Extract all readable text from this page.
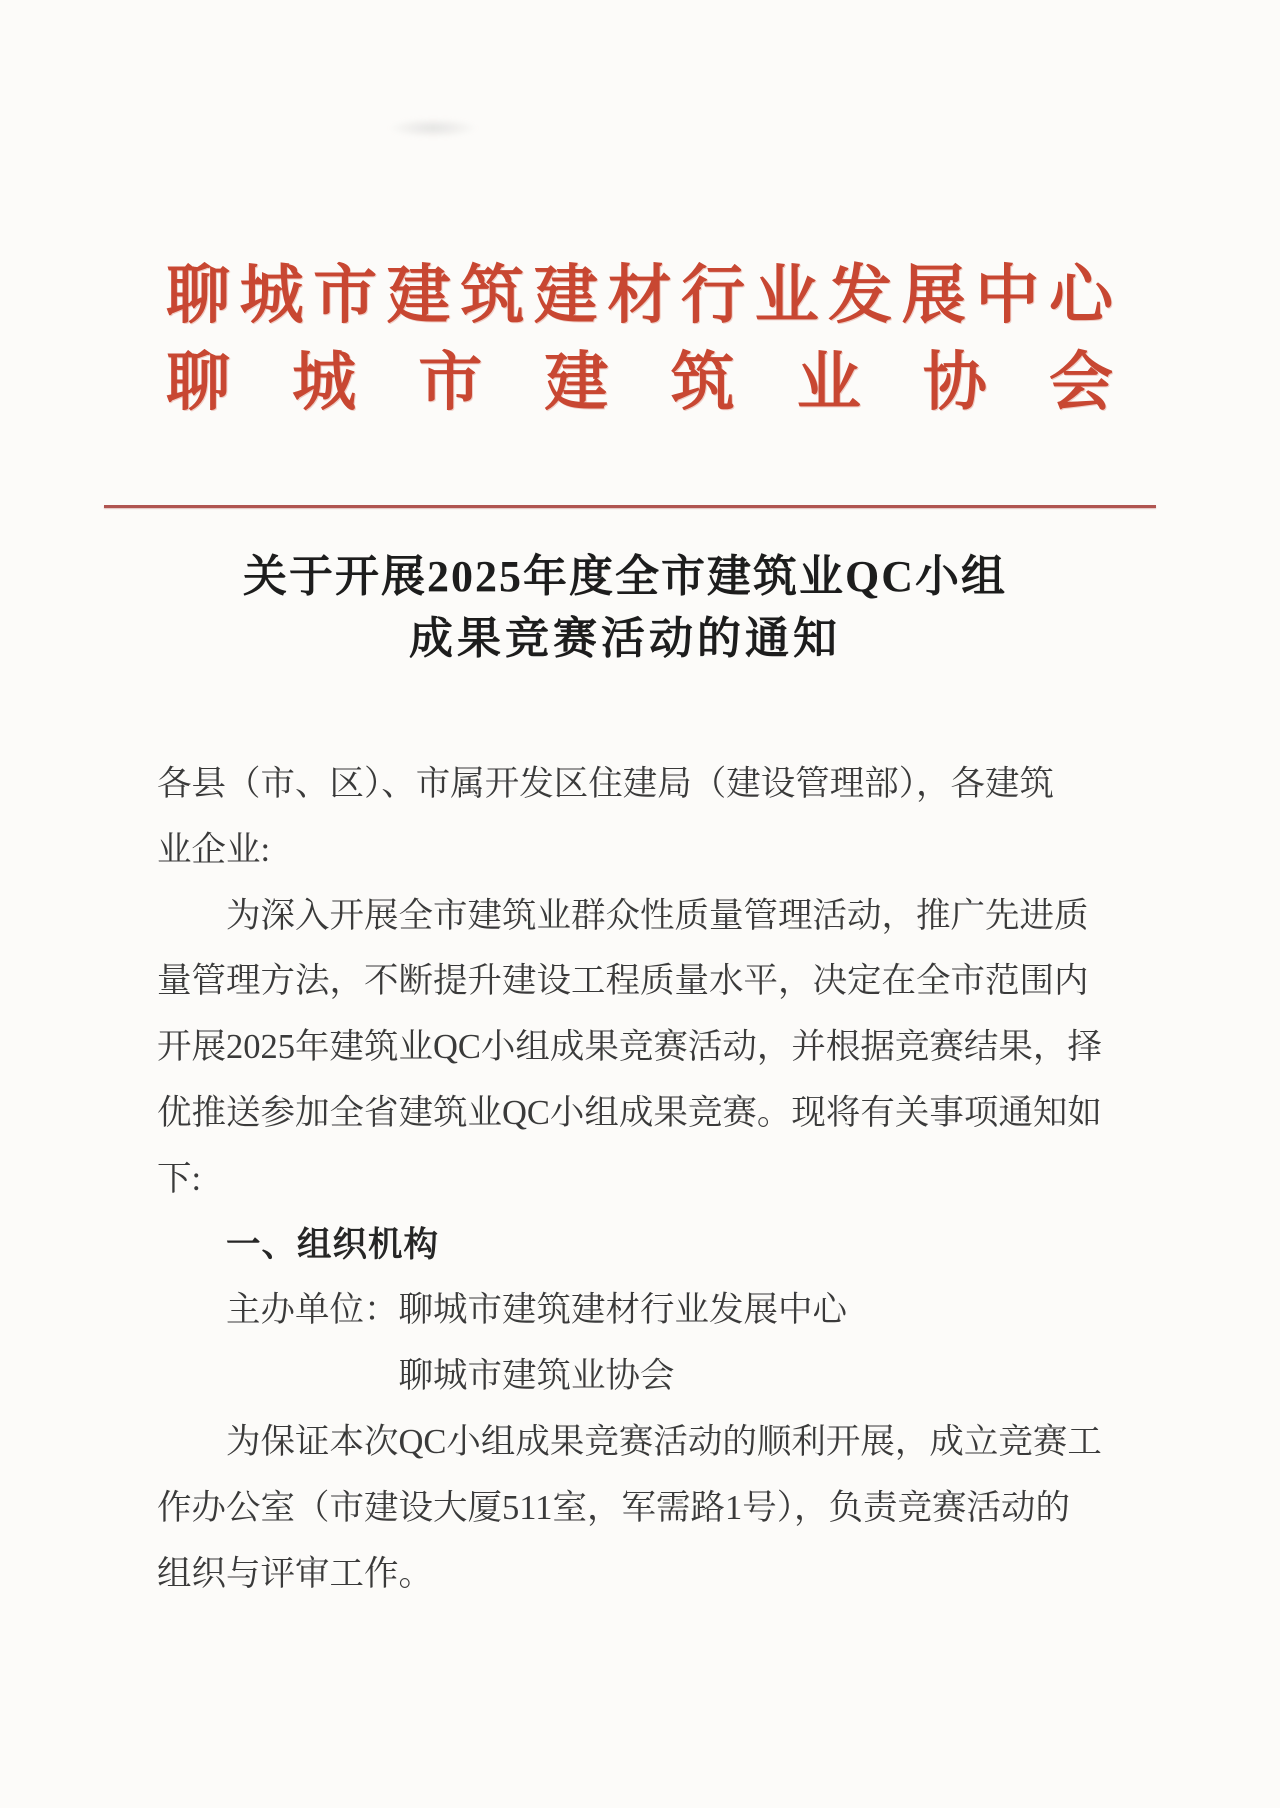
聊 城 市 建 筑 建 材 行 业 发 展 中 心
聊 城 市 建 筑 业 协 会
关于开展2025年度全市建筑业QC小组
成果竞赛活动的通知
各县（市、区）、市属开发区住建局（建设管理部），各建筑
业企业:
为深入开展全市建筑业群众性质量管理活动，推广先进质
量管理方法，不断提升建设工程质量水平，决定在全市范围内
开展2025年建筑业QC小组成果竞赛活动，并根据竞赛结果，择
优推送参加全省建筑业QC小组成果竞赛。现将有关事项通知如
下:
一、组织机构
主办单位：聊城市建筑建材行业发展中心
聊城市建筑业协会
为保证本次QC小组成果竞赛活动的顺利开展，成立竞赛工
作办公室（市建设大厦511室，军需路1号），负责竞赛活动的
组织与评审工作。
